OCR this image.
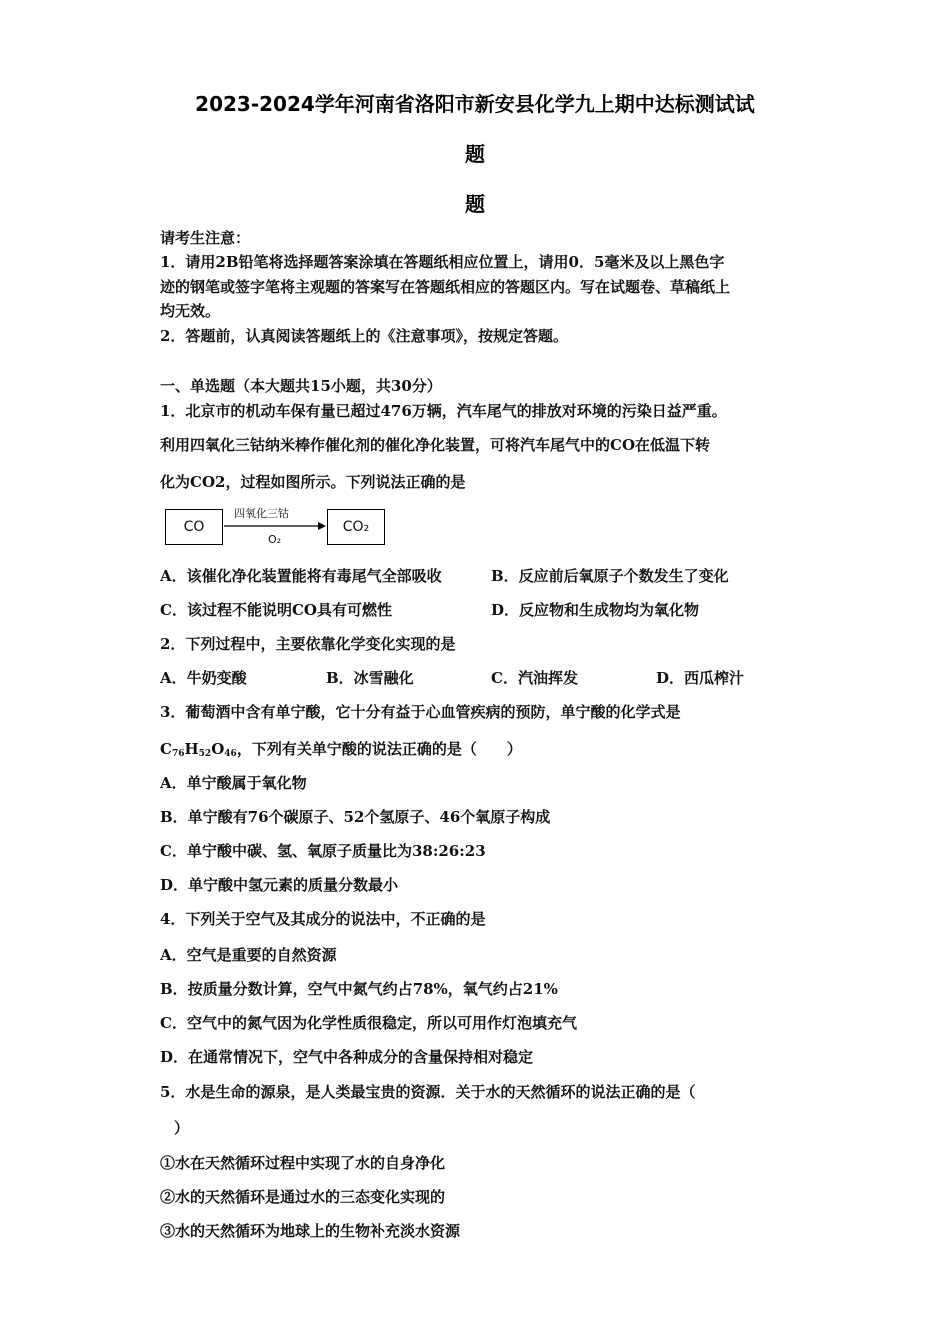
2023-2024学年河南省洛阳市新安县化学九上期中达标测试试
题
题
请考生注意：
1．请用2B铅笔将选择题答案涂填在答题纸相应位置上，请用0．5毫米及以上黑色字
迹的钢笔或签字笔将主观题的答案写在答题纸相应的答题区内。写在试题卷、草稿纸上
均无效。
2．答题前，认真阅读答题纸上的《注意事项》，按规定答题。
一、单选题（本大题共15小题，共30分）
1．北京市的机动车保有量已超过476万辆，汽车尾气的排放对环境的污染日益严重。
利用四氧化三钴纳米棒作催化剂的催化净化装置，可将汽车尾气中的CO在低温下转
化为CO2，过程如图所示。下列说法正确的是
CO
四氧化三钴
O₂
CO₂
A．该催化净化装置能将有毒尾气全部吸收	B．反应前后氧原子个数发生了变化
C．该过程不能说明CO具有可燃性	D．反应物和生成物均为氧化物
2．下列过程中，主要依靠化学变化实现的是
A．牛奶变酸	B．冰雪融化	C．汽油挥发	D．西瓜榨汁
3．葡萄酒中含有单宁酸，它十分有益于心血管疾病的预防，单宁酸的化学式是
$C_{76}H_{52}O_{46}$，下列有关单宁酸的说法正确的是（　　）
A．单宁酸属于氧化物
B．单宁酸有76个碳原子、52个氢原子、46个氧原子构成
C．单宁酸中碳、氢、氧原子质量比为38:26:23
D．单宁酸中氢元素的质量分数最小
4．下列关于空气及其成分的说法中，不正确的是
A．空气是重要的自然资源
B．按质量分数计算，空气中氮气约占78%，氧气约占21%
C．空气中的氮气因为化学性质很稳定，所以可用作灯泡填充气
D．在通常情况下，空气中各种成分的含量保持相对稳定
5．水是生命的源泉，是人类最宝贵的资源．关于水的天然循环的说法正确的是（
）
①水在天然循环过程中实现了水的自身净化
②水的天然循环是通过水的三态变化实现的
③水的天然循环为地球上的生物补充淡水资源
